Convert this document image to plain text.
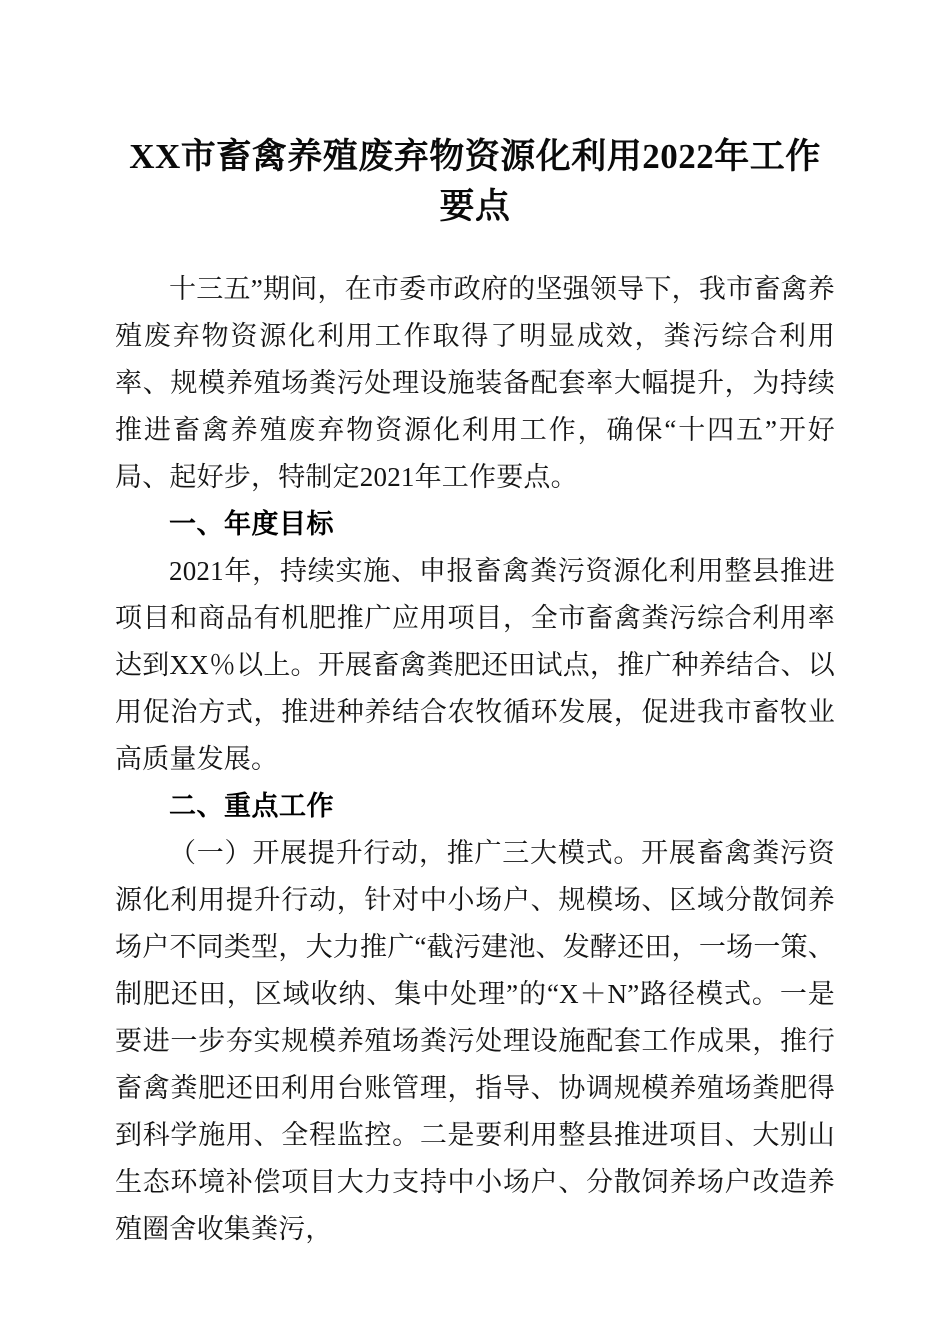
XX市畜禽养殖废弃物资源化利用2022年工作要点

十三五”期间，在市委市政府的坚强领导下，我市畜禽养殖废弃物资源化利用工作取得了明显成效，粪污综合利用率、规模养殖场粪污处理设施装备配套率大幅提升，为持续推进畜禽养殖废弃物资源化利用工作，确保“十四五”开好局、起好步，特制定2021年工作要点。

一、年度目标

2021年，持续实施、申报畜禽粪污资源化利用整县推进项目和商品有机肥推广应用项目，全市畜禽粪污综合利用率达到XX％以上。开展畜禽粪肥还田试点，推广种养结合、以用促治方式，推进种养结合农牧循环发展，促进我市畜牧业高质量发展。

二、重点工作

（一）开展提升行动，推广三大模式。开展畜禽粪污资源化利用提升行动，针对中小场户、规模场、区域分散饲养场户不同类型，大力推广“截污建池、发酵还田，一场一策、制肥还田，区域收纳、集中处理”的“X＋N”路径模式。一是要进一步夯实规模养殖场粪污处理设施配套工作成果，推行畜禽粪肥还田利用台账管理，指导、协调规模养殖场粪肥得到科学施用、全程监控。二是要利用整县推进项目、大别山生态环境补偿项目大力支持中小场户、分散饲养场户改造养殖圈舍收集粪污，
